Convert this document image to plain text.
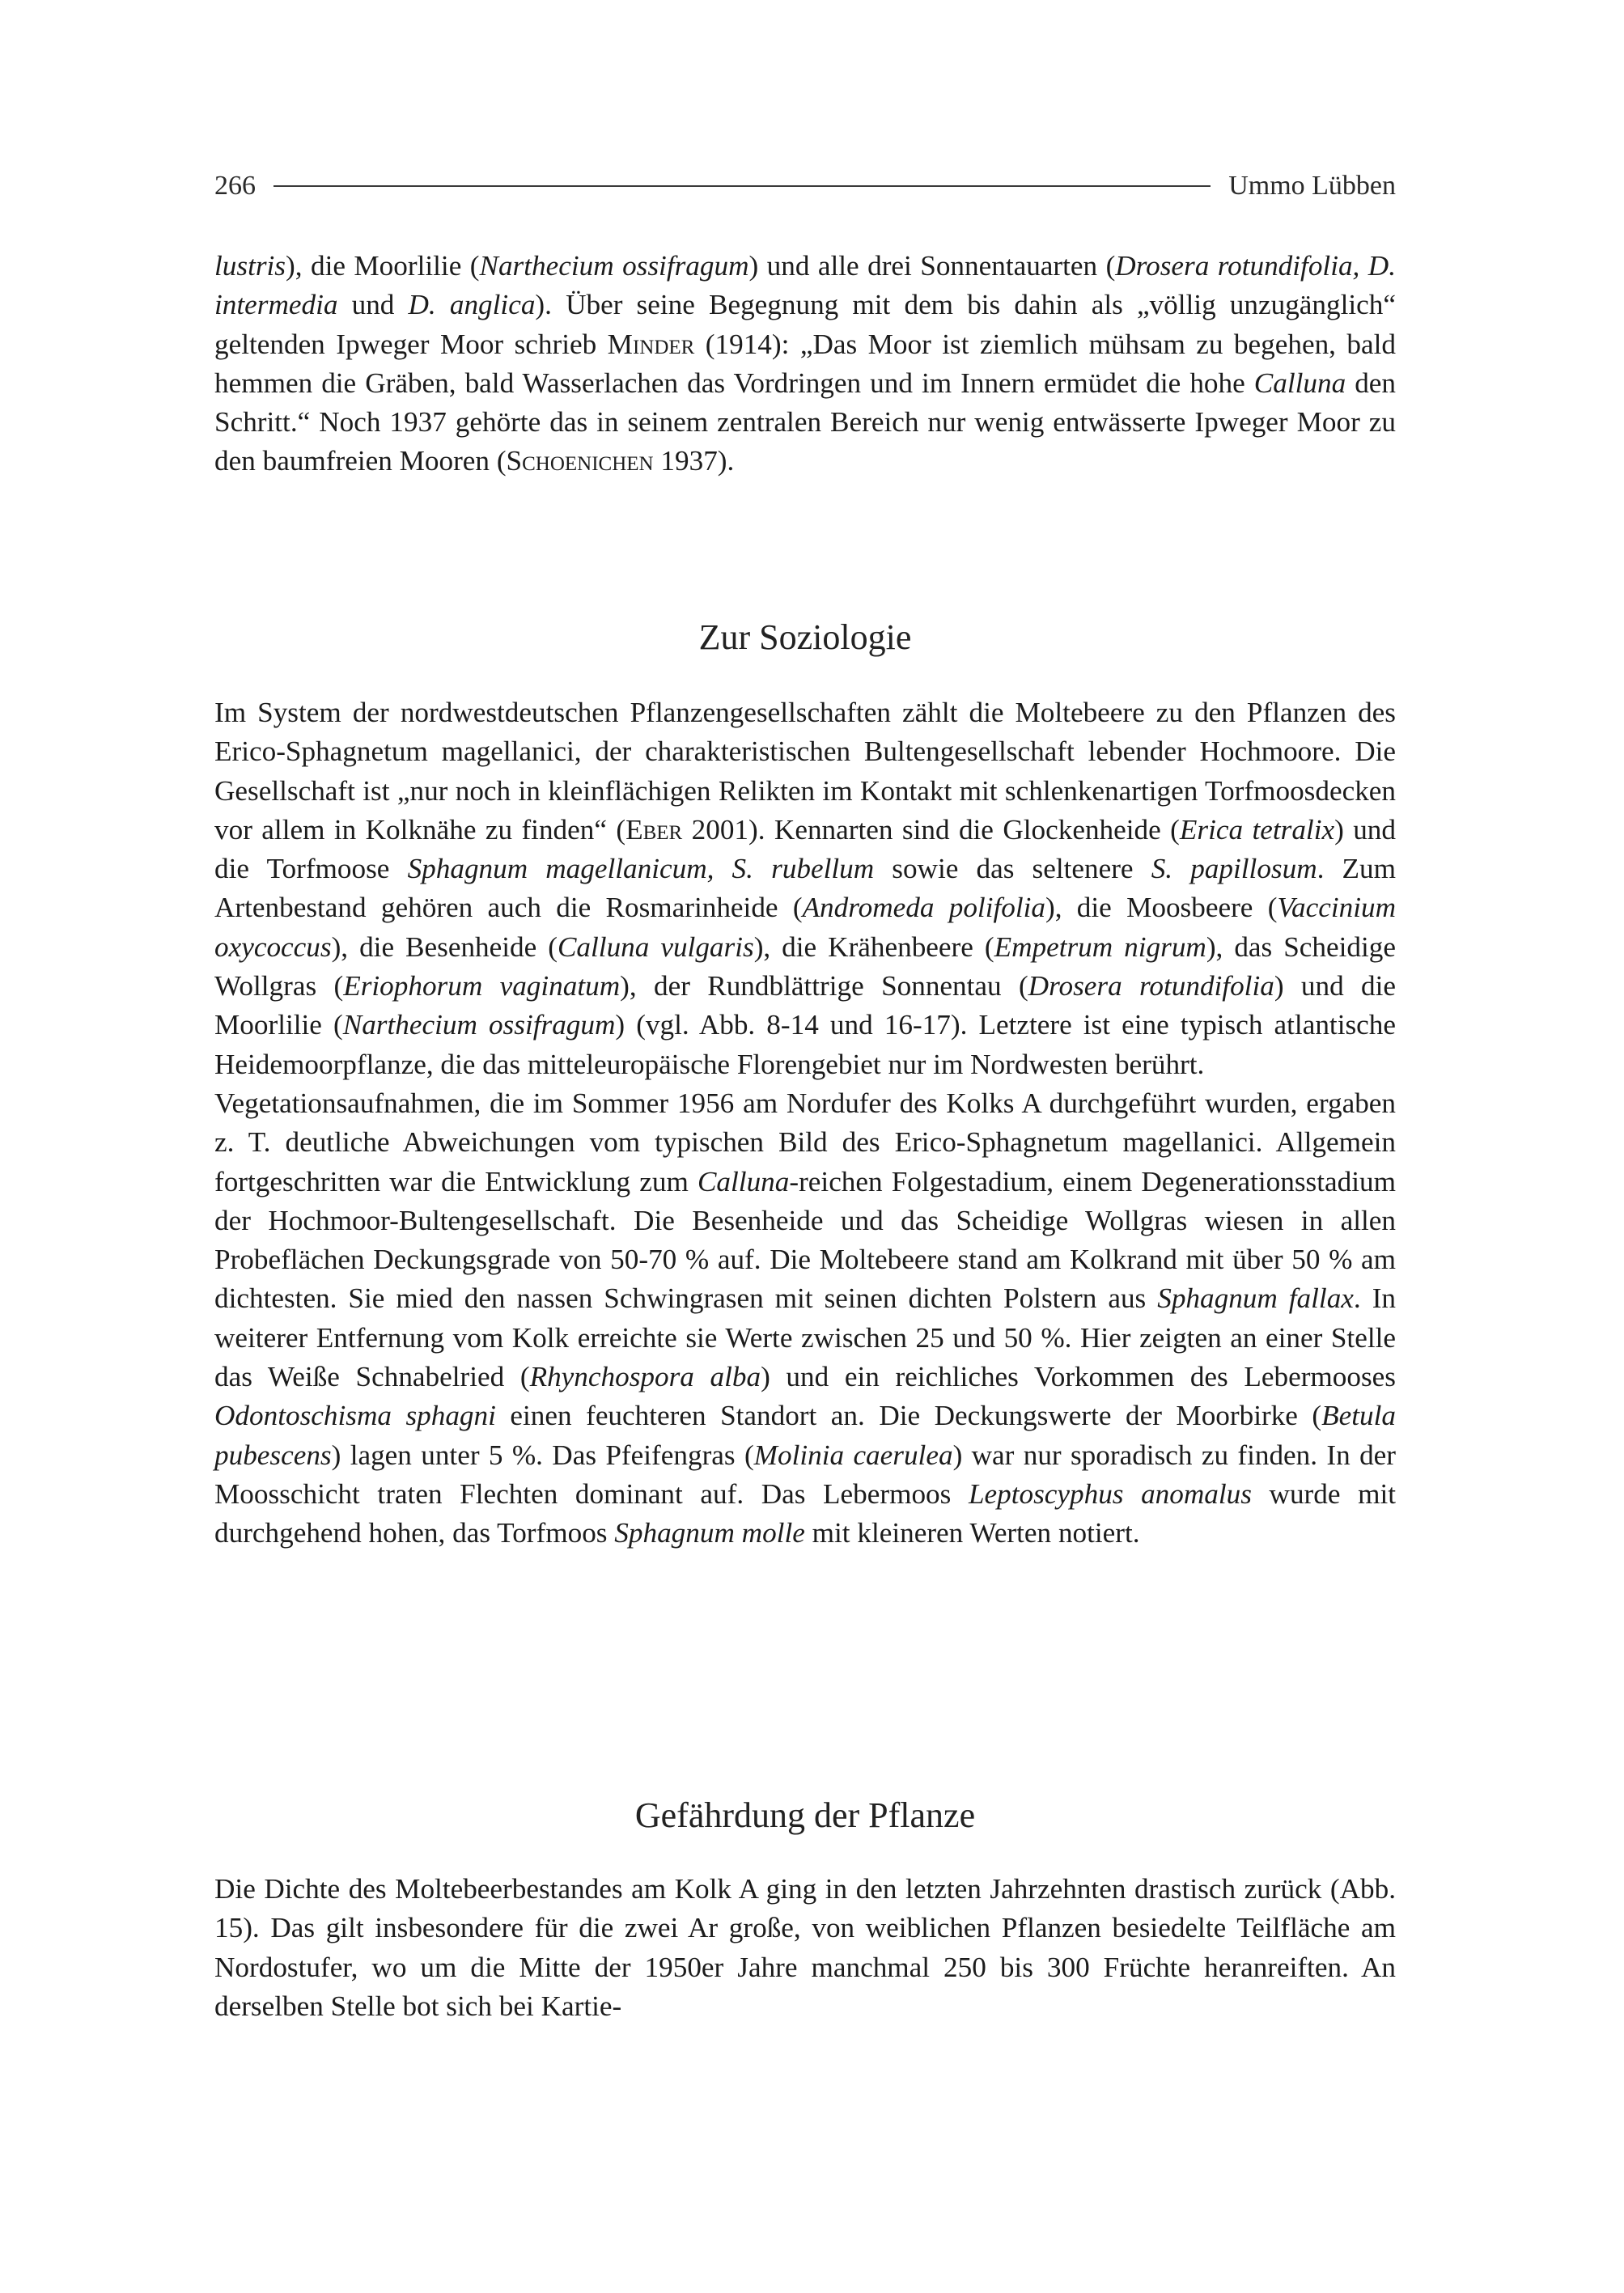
266	Ummo Lübben

lustris), die Moorlilie (Narthecium ossifragum) und alle drei Sonnentauarten (Drosera rotundifolia, D. intermedia und D. anglica). Über seine Begegnung mit dem bis dahin als „völlig unzugänglich“ geltenden Ipweger Moor schrieb Minder (1914): „Das Moor ist ziemlich mühsam zu begehen, bald hemmen die Gräben, bald Wasserlachen das Vordringen und im Innern ermüdet die hohe Calluna den Schritt.“ Noch 1937 gehörte das in seinem zentralen Bereich nur wenig entwässerte Ipweger Moor zu den baumfreien Mooren (Schoenichen 1937).

Zur Soziologie

Im System der nordwestdeutschen Pflanzengesellschaften zählt die Moltebeere zu den Pflanzen des Erico-Sphagnetum magellanici, der charakteristischen Bultengesellschaft lebender Hochmoore. Die Gesellschaft ist „nur noch in kleinflächigen Relikten im Kontakt mit schlenkenartigen Torfmoosdecken vor allem in Kolknähe zu finden“ (Eber 2001). Kennarten sind die Glockenheide (Erica tetralix) und die Torfmoose Sphagnum magellanicum, S. rubellum sowie das seltenere S. papillosum. Zum Artenbestand gehören auch die Rosmarinheide (Andromeda polifolia), die Moosbeere (Vaccinium oxycoccus), die Besenheide (Calluna vulgaris), die Krähenbeere (Empetrum nigrum), das Scheidige Wollgras (Eriophorum vaginatum), der Rundblättrige Sonnentau (Drosera rotundifolia) und die Moorlilie (Narthecium ossifragum) (vgl. Abb. 8-14 und 16-17). Letztere ist eine typisch atlantische Heidemoorpflanze, die das mitteleuropäische Florengebiet nur im Nordwesten berührt.
Vegetationsaufnahmen, die im Sommer 1956 am Nordufer des Kolks A durchgeführt wurden, ergaben z. T. deutliche Abweichungen vom typischen Bild des Erico-Sphagnetum magellanici. Allgemein fortgeschritten war die Entwicklung zum Calluna-reichen Folgestadium, einem Degenerationsstadium der Hochmoor-Bultengesellschaft. Die Besenheide und das Scheidige Wollgras wiesen in allen Probeflächen Deckungsgrade von 50-70 % auf. Die Moltebeere stand am Kolkrand mit über 50 % am dichtesten. Sie mied den nassen Schwingrasen mit seinen dichten Polstern aus Sphagnum fallax. In weiterer Entfernung vom Kolk erreichte sie Werte zwischen 25 und 50 %. Hier zeigten an einer Stelle das Weiße Schnabelried (Rhynchospora alba) und ein reichliches Vorkommen des Lebermooses Odontoschisma sphagni einen feuchteren Standort an. Die Deckungswerte der Moorbirke (Betula pubescens) lagen unter 5 %. Das Pfeifengras (Molinia caerulea) war nur sporadisch zu finden. In der Moosschicht traten Flechten dominant auf. Das Lebermoos Leptoscyphus anomalus wurde mit durchgehend hohen, das Torfmoos Sphagnum molle mit kleineren Werten notiert.

Gefährdung der Pflanze

Die Dichte des Moltebeerbestandes am Kolk A ging in den letzten Jahrzehnten drastisch zurück (Abb. 15). Das gilt insbesondere für die zwei Ar große, von weiblichen Pflanzen besiedelte Teilfläche am Nordostufer, wo um die Mitte der 1950er Jahre manchmal 250 bis 300 Früchte heranreiften. An derselben Stelle bot sich bei Kartie-
